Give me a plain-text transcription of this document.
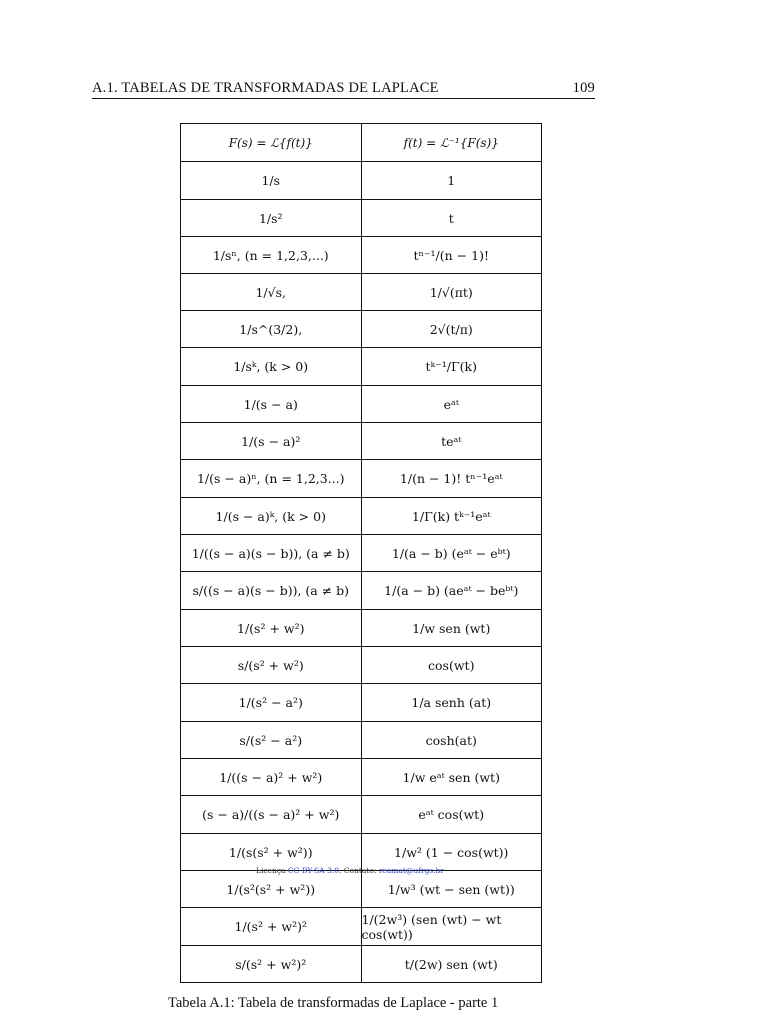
A.1. TABELAS DE TRANSFORMADAS DE LAPLACE	109
F(s) = ℒ{f(t)}	f(t) = ℒ⁻¹{F(s)}
1/s	1
1/s²	t
1/sⁿ, (n = 1,2,3,...)	tⁿ⁻¹/(n − 1)!
1/√s,	1/√(πt)
1/s^(3/2),	2√(t/π)
1/sᵏ, (k > 0)	tᵏ⁻¹/Γ(k)
1/(s − a)	eᵃᵗ
1/(s − a)²	teᵃᵗ
1/(s − a)ⁿ, (n = 1,2,3...)	1/(n − 1)! tⁿ⁻¹eᵃᵗ
1/(s − a)ᵏ, (k > 0)	1/Γ(k) tᵏ⁻¹eᵃᵗ
1/((s − a)(s − b)), (a ≠ b)	1/(a − b) (eᵃᵗ − eᵇᵗ)
s/((s − a)(s − b)), (a ≠ b)	1/(a − b) (aeᵃᵗ − beᵇᵗ)
1/(s² + w²)	1/w sen (wt)
s/(s² + w²)	cos(wt)
1/(s² − a²)	1/a senh (at)
s/(s² − a²)	cosh(at)
1/((s − a)² + w²)	1/w eᵃᵗ sen (wt)
(s − a)/((s − a)² + w²)	eᵃᵗ cos(wt)
1/(s(s² + w²))	1/w² (1 − cos(wt))
1/(s²(s² + w²))	1/w³ (wt − sen (wt))
1/(s² + w²)²	1/(2w³) (sen (wt) − wt cos(wt))
s/(s² + w²)²	t/(2w) sen (wt)
Licença CC-BY-SA-3.0. Contato: reamat@ufrgs.br
Tabela A.1: Tabela de transformadas de Laplace - parte 1
